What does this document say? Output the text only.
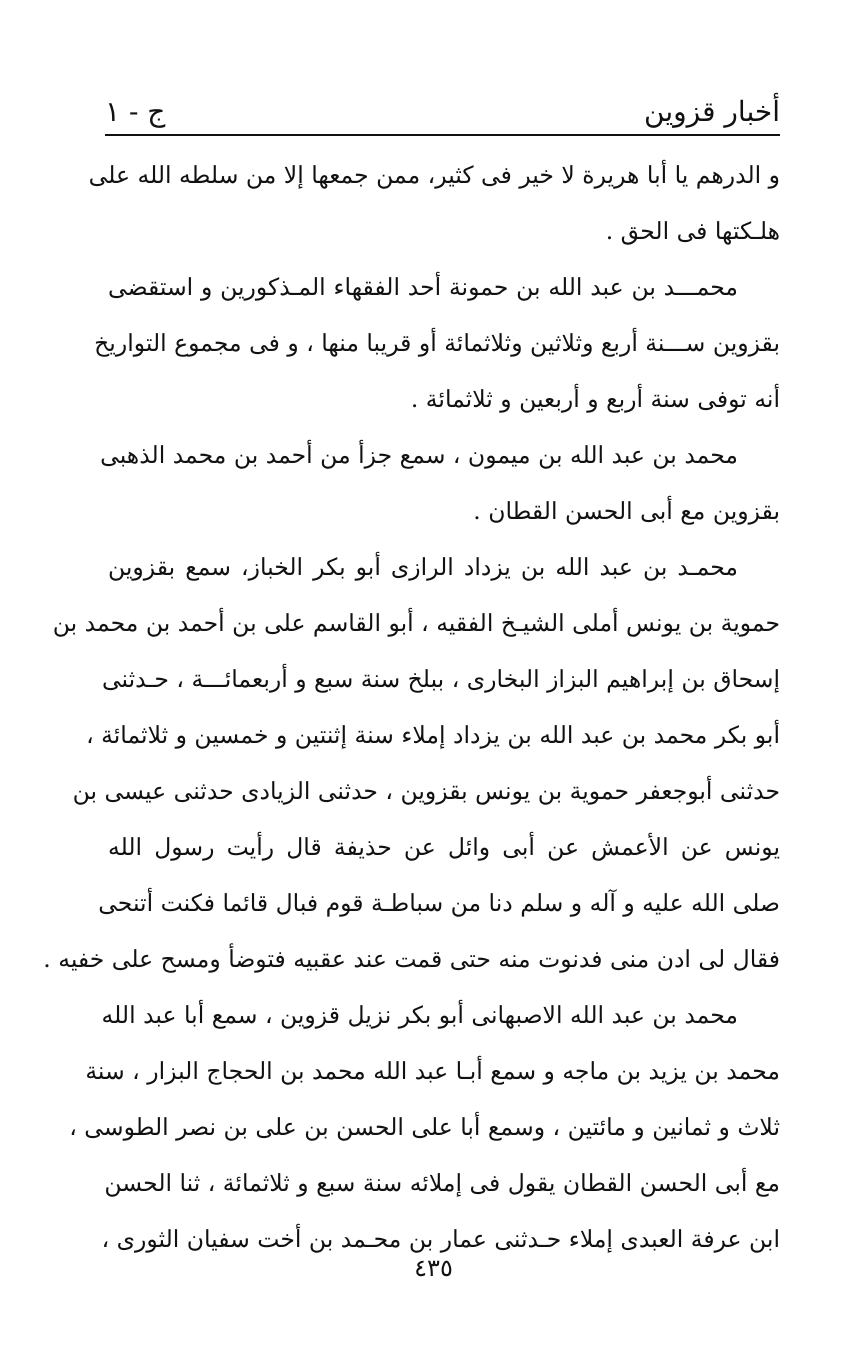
أخبار قزوين
ج - ١
و الدرهم يا أبا هريرة لا خير فى كثير، ممن جمعها إلا من سلطه الله على
هلـكتها فى الحق .
محمـــد بن عبد الله بن حمونة أحد الفقهاء المـذكورين و استقضى
بقزوين ســـنة أربع وثلاثين وثلاثمائة أو قريبا منها ، و فى مجموع التواريخ
أنه توفى سنة أربع و أربعين و ثلاثمائة .
محمد بن عبد الله بن ميمون ، سمع جزأ من أحمد بن محمد الذهبى
بقزوين مع أبى الحسن القطان .
محمـد بن عبد الله بن يزداد الرازى أبو بكر الخباز، سمع بقزوين
حموية بن يونس أملى الشيـخ الفقيه ، أبو القاسم على بن أحمد بن محمد بن
إسحاق بن إبراهيم البزاز البخارى ، ببلخ سنة سبع و أربعمائـــة ، حـدثنى
أبو بكر محمد بن عبد الله بن يزداد إملاء سنة إثنتين و خمسين و ثلاثمائة ،
حدثنى أبوجعفر حموية بن يونس بقزوين ، حدثنى الزيادى حدثنى عيسى بن
يونس عن الأعمش عن أبى وائل عن حذيفة قال رأيت رسول الله
صلى الله عليه و آله و سلم دنا من سباطـة قوم فبال قائما فكنت أتنحى
فقال لى ادن منى فدنوت منه حتى قمت عند عقبيه فتوضأ ومسح على خفيه .
محمد بن عبد الله الاصبهانى أبو بكر نزيل قزوين ، سمع أبا عبد الله
محمد بن يزيد بن ماجه و سمع أبـا عبد الله محمد بن الحجاج البزار ، سنة
ثلاث و ثمانين و مائتين ، وسمع أبا على الحسن بن على بن نصر الطوسى ،
مع أبى الحسن القطان يقول فى إملائه سنة سبع و ثلاثمائة ، ثنا الحسن
ابن عرفة العبدى إملاء حـدثنى عمار بن محـمد بن أخت سفيان الثورى ،
٤٣٥
